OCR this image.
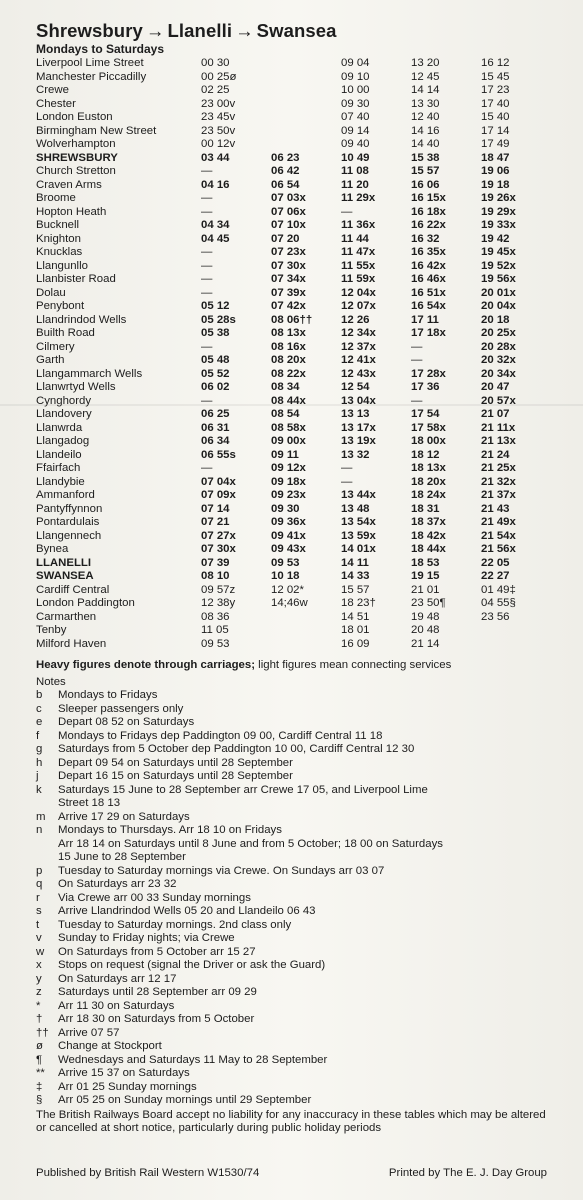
Shrewsbury → Llanelli → Swansea
Mondays to Saturdays
Liverpool Lime Street	00 30		09 04	13 20	16 12
Manchester Piccadilly	00 25ø		09 10	12 45	15 45
Crewe	02 25		10 00	14 14	17 23
Chester	23 00v		09 30	13 30	17 40
London Euston	23 45v		07 40	12 40	15 40
Birmingham New Street	23 50v		09 14	14 16	17 14
Wolverhampton	00 12v		09 40	14 40	17 49
SHREWSBURY	03 44	06 23	10 49	15 38	18 47
Church Stretton	—	06 42	11 08	15 57	19 06
Craven Arms	04 16	06 54	11 20	16 06	19 18
Broome	—	07 03x	11 29x	16 15x	19 26x
Hopton Heath	—	07 06x	—	16 18x	19 29x
Bucknell	04 34	07 10x	11 36x	16 22x	19 33x
Knighton	04 45	07 20	11 44	16 32	19 42
Knucklas	—	07 23x	11 47x	16 35x	19 45x
Llangunllo	—	07 30x	11 55x	16 42x	19 52x
Llanbister Road	—	07 34x	11 59x	16 46x	19 56x
Dolau	—	07 39x	12 04x	16 51x	20 01x
Penybont	05 12	07 42x	12 07x	16 54x	20 04x
Llandrindod Wells	05 28s	08 06††	12 26	17 11	20 18
Builth Road	05 38	08 13x	12 34x	17 18x	20 25x
Cilmery	—	08 16x	12 37x	—	20 28x
Garth	05 48	08 20x	12 41x	—	20 32x
Llangammarch Wells	05 52	08 22x	12 43x	17 28x	20 34x
Llanwrtyd Wells	06 02	08 34	12 54	17 36	20 47
Cynghordy	—	08 44x	13 04x	—	20 57x
Llandovery	06 25	08 54	13 13	17 54	21 07
Llanwrda	06 31	08 58x	13 17x	17 58x	21 11x
Llangadog	06 34	09 00x	13 19x	18 00x	21 13x
Llandeilo	06 55s	09 11	13 32	18 12	21 24
Ffairfach	—	09 12x	—	18 13x	21 25x
Llandybie	07 04x	09 18x	—	18 20x	21 32x
Ammanford	07 09x	09 23x	13 44x	18 24x	21 37x
Pantyffynnon	07 14	09 30	13 48	18 31	21 43
Pontardulais	07 21	09 36x	13 54x	18 37x	21 49x
Llangennech	07 27x	09 41x	13 59x	18 42x	21 54x
Bynea	07 30x	09 43x	14 01x	18 44x	21 56x
LLANELLI	07 39	09 53	14 11	18 53	22 05
SWANSEA	08 10	10 18	14 33	19 15	22 27
Cardiff Central	09 57z	12 02*	15 57	21 01	01 49‡
London Paddington	12 38y	14;46w	18 23†	23 50¶	04 55§
Carmarthen	08 36		14 51	19 48	23 56
Tenby	11 05		18 01	20 48	
Milford Haven	09 53		16 09	21 14	
Heavy figures denote through carriages; light figures mean connecting services
Notes
b	Mondays to Fridays
c	Sleeper passengers only
e	Depart 08 52 on Saturdays
f	Mondays to Fridays dep Paddington 09 00, Cardiff Central 11 18
g	Saturdays from 5 October dep Paddington 10 00, Cardiff Central 12 30
h	Depart 09 54 on Saturdays until 28 September
j	Depart 16 15 on Saturdays until 28 September
k	Saturdays 15 June to 28 September arr Crewe 17 05, and Liverpool Lime
Street 18 13
m	Arrive 17 29 on Saturdays
n	Mondays to Thursdays. Arr 18 10 on Fridays
Arr 18 14 on Saturdays until 8 June and from 5 October; 18 00 on Saturdays
15 June to 28 September
p	Tuesday to Saturday mornings via Crewe. On Sundays arr 03 07
q	On Saturdays arr 23 32
r	Via Crewe arr 00 33 Sunday mornings
s	Arrive Llandrindod Wells 05 20 and Llandeilo 06 43
t	Tuesday to Saturday mornings. 2nd class only
v	Sunday to Friday nights; via Crewe
w	On Saturdays from 5 October arr 15 27
x	Stops on request (signal the Driver or ask the Guard)
y	On Saturdays arr 12 17
z	Saturdays until 28 September arr 09 29
*	Arr 11 30 on Saturdays
†	Arr 18 30 on Saturdays from 5 October
†† Arrive 07 57
ø	Change at Stockport
¶	Wednesdays and Saturdays 11 May to 28 September
**	Arrive 15 37 on Saturdays
‡	Arr 01 25 Sunday mornings
§	Arr 05 25 on Sunday mornings until 29 September
The British Railways Board accept no liability for any inaccuracy in these tables which may be altered or cancelled at short notice, particularly during public holiday periods
Published by British Rail Western W1530/74	Printed by The E. J. Day Group
